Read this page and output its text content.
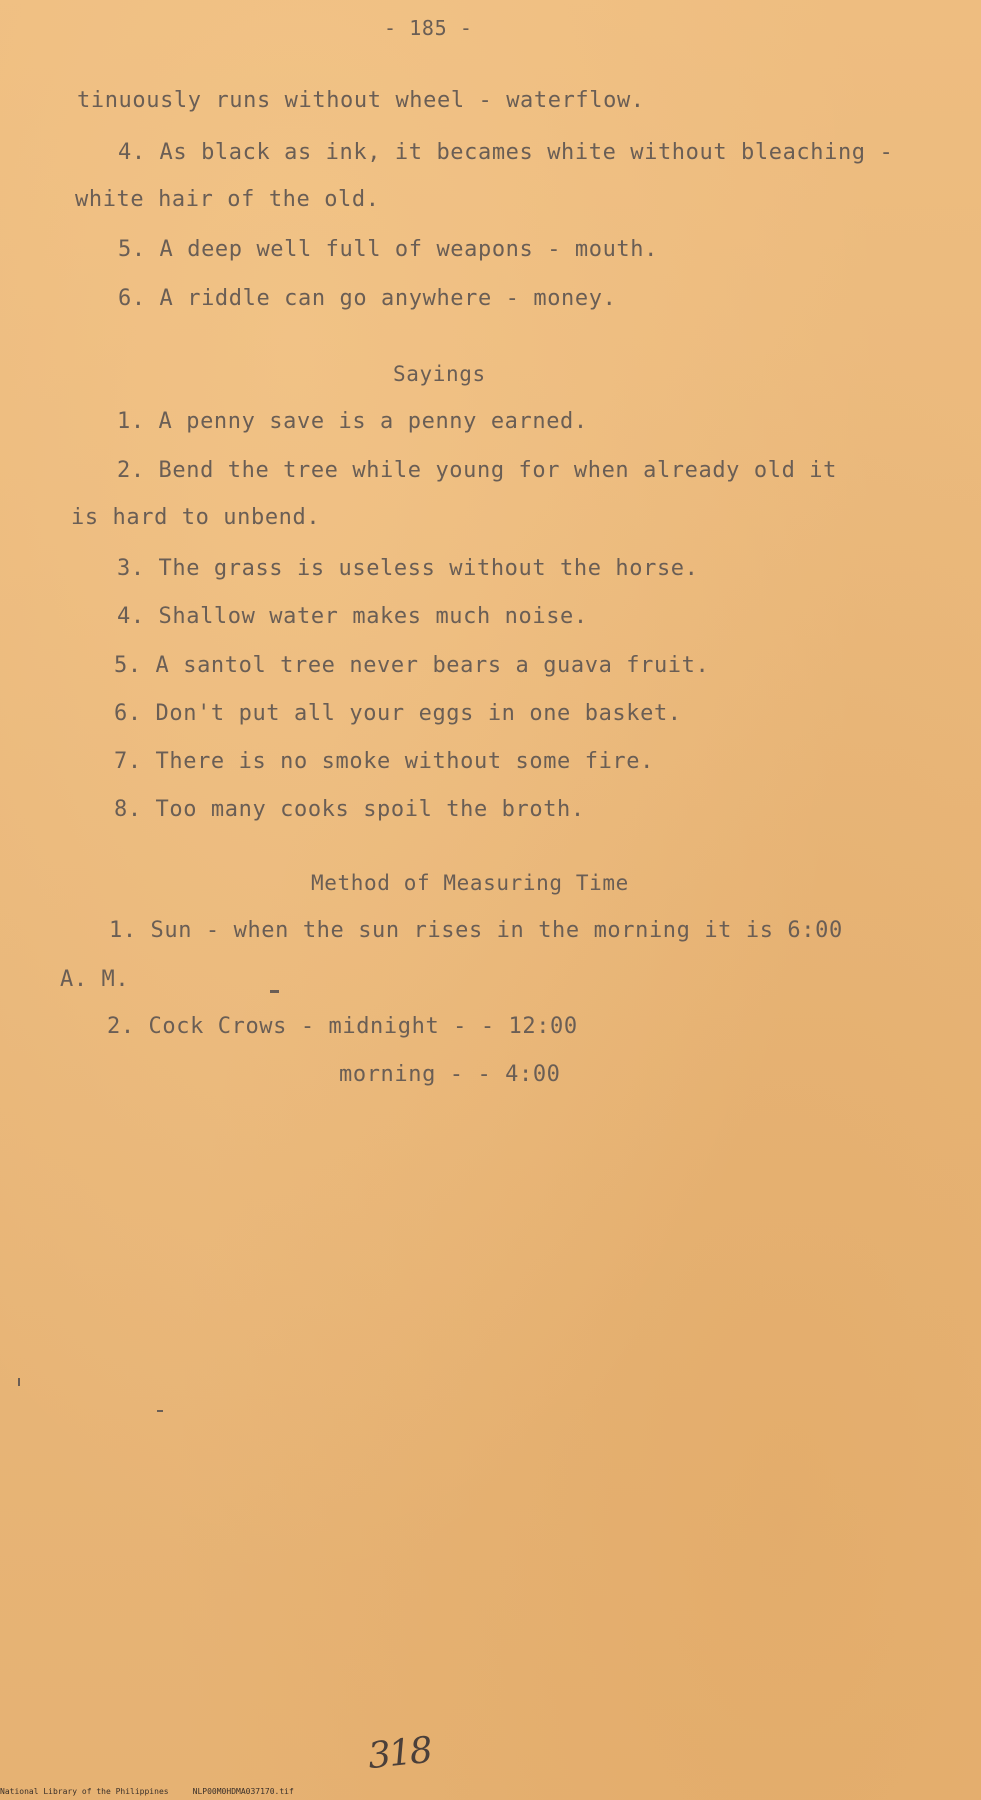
- 185 -
tinuously runs without wheel - waterflow.
4. As black as ink, it becames white without bleaching -
white hair of the old.
5. A deep well full of weapons - mouth.
6. A riddle can go anywhere - money.
Sayings
1. A penny save is a penny earned.
2. Bend the tree while young for when already old it
is hard to unbend.
3. The grass is useless without the horse.
4. Shallow water makes much noise.
5. A santol tree never bears a guava fruit.
6. Don't put all your eggs in one basket.
7. There is no smoke without some fire.
8. Too many cooks spoil the broth.
Method of Measuring Time
1. Sun - when the sun rises in the morning it is 6:00
A. M.
2. Cock Crows - midnight - - 12:00
morning - - 4:00
318
National Library of the Philippines     NLP00M0HDMA037170.tif
